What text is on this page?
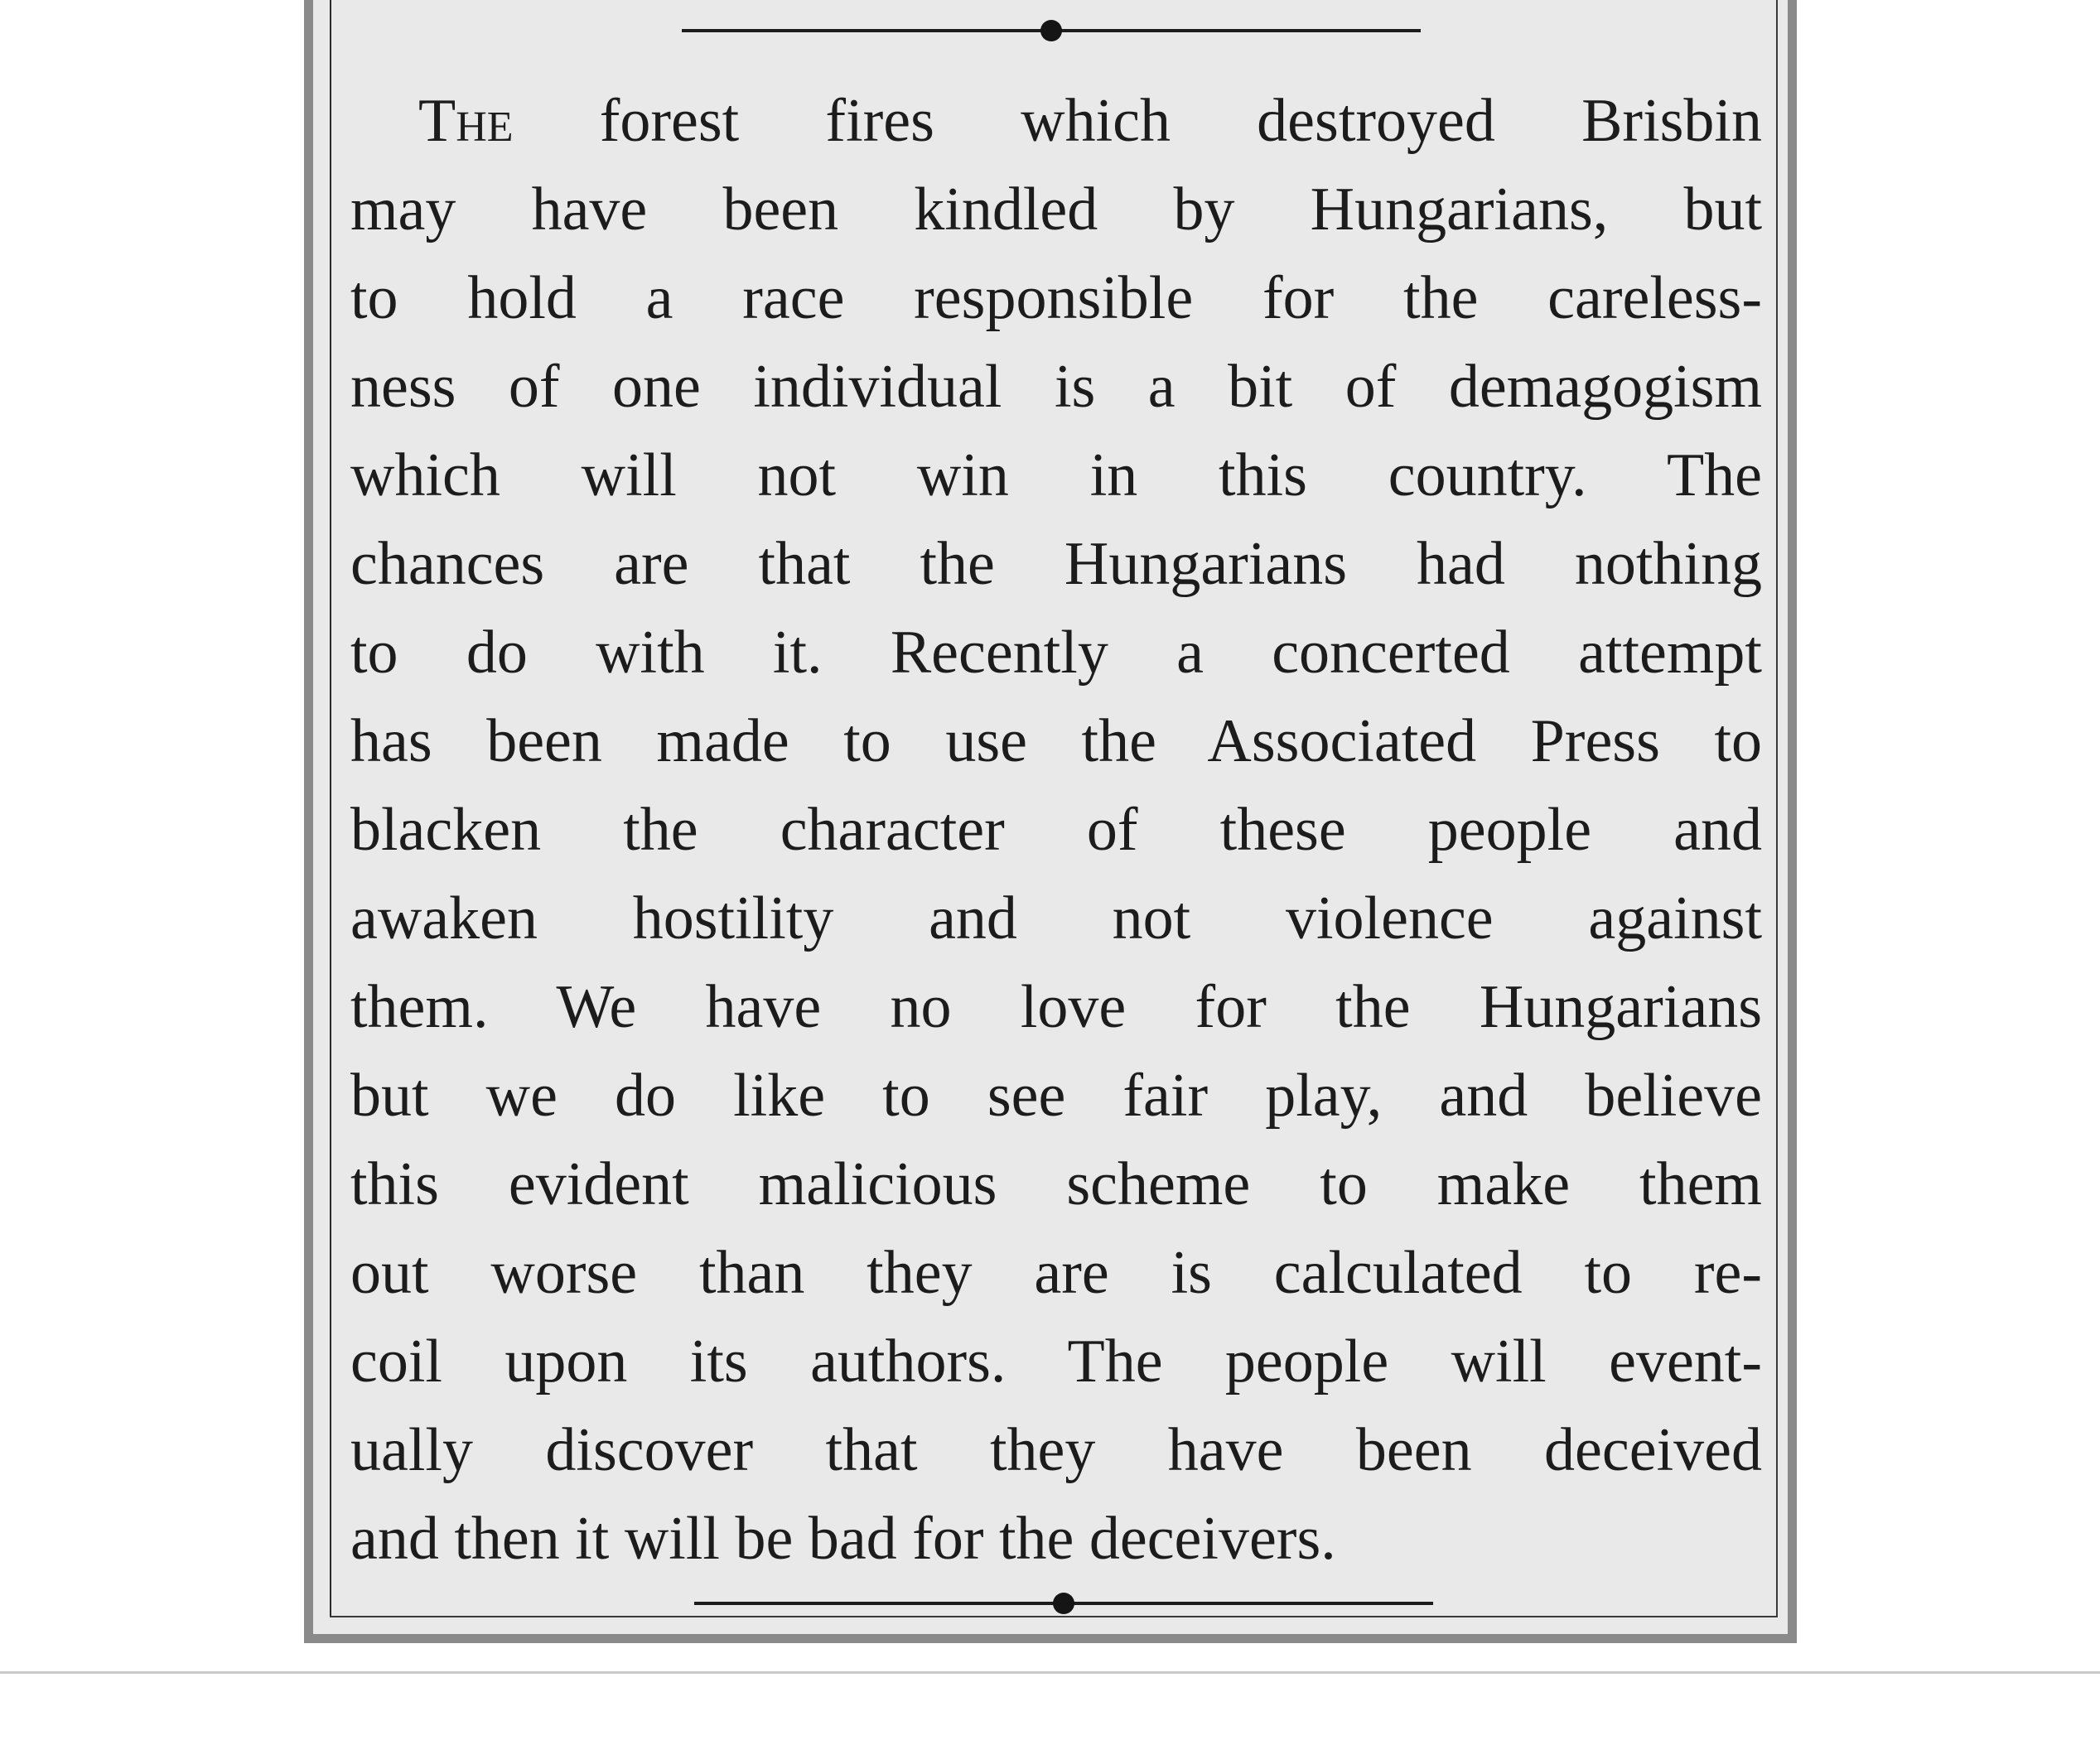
The forest fires which destroyed Brisbin
may have been kindled by Hungarians, but
to hold a race responsible for the careless-
ness of one individual is a bit of demagogism
which will not win in this country. The
chances are that the Hungarians had nothing
to do with it. Recently a concerted attempt
has been made to use the Associated Press to
blacken the character of these people and
awaken hostility and not violence against
them. We have no love for the Hungarians
but we do like to see fair play, and believe
this evident malicious scheme to make them
out worse than they are is calculated to re-
coil upon its authors. The people will event-
ually discover that they have been deceived
and then it will be bad for the deceivers.
